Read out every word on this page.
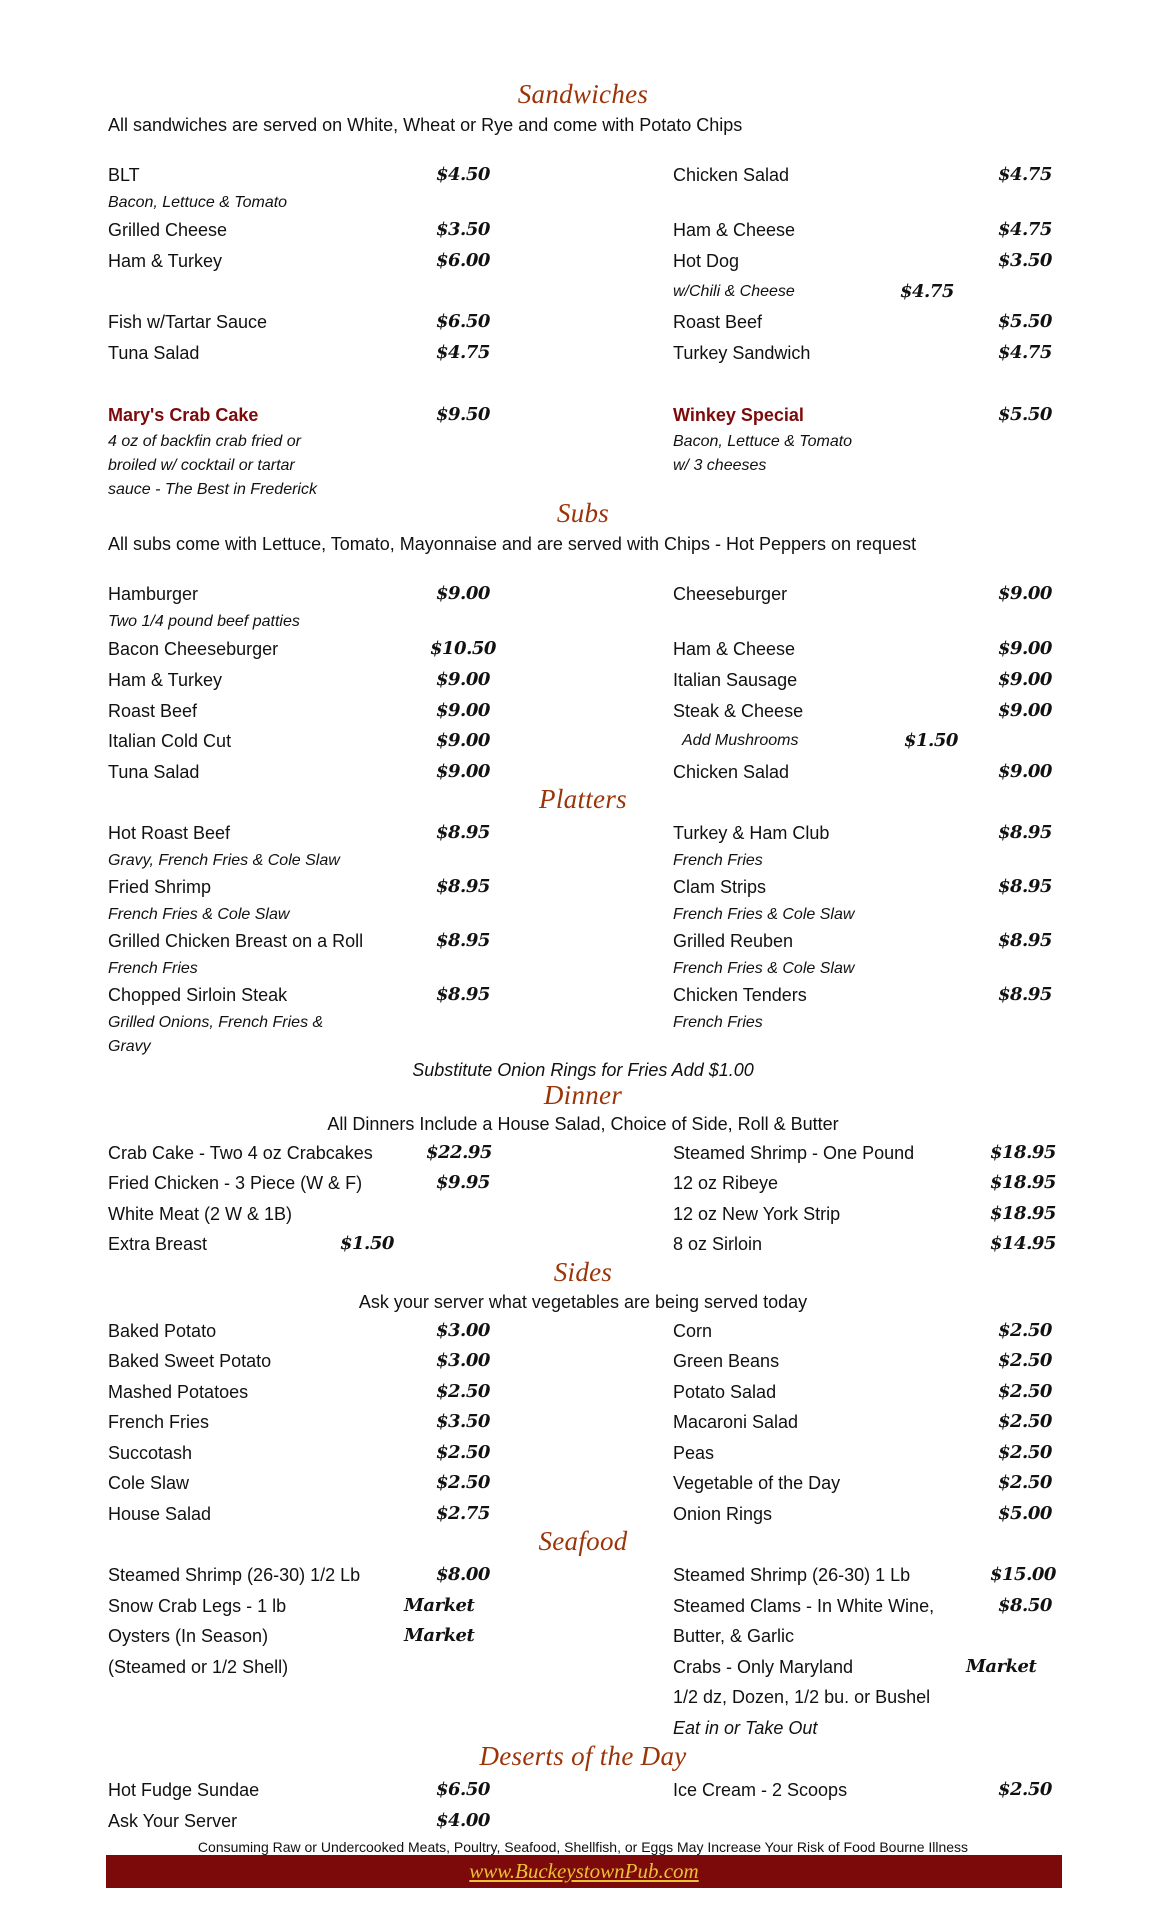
Sandwiches
All sandwiches are served on White, Wheat or Rye and come with Potato Chips
BLT	$4.50
Bacon, Lettuce & Tomato
Grilled Cheese	$3.50
Ham & Turkey	$6.00
Fish w/Tartar Sauce	$6.50
Tuna Salad	$4.75
Mary's Crab Cake	$9.50
4 oz of backfin crab fried or
broiled w/ cocktail or tartar
sauce - The Best in Frederick
Chicken Salad	$4.75
Ham & Cheese	$4.75
Hot Dog	$3.50
w/Chili & Cheese	$4.75
Roast Beef	$5.50
Turkey Sandwich	$4.75
Winkey Special	$5.50
Bacon, Lettuce & Tomato
w/ 3 cheeses
Subs
All subs come with Lettuce, Tomato, Mayonnaise and are served with Chips - Hot Peppers on request
Hamburger	$9.00
Two 1/4 pound beef patties
Bacon Cheeseburger	$10.50
Ham & Turkey	$9.00
Roast Beef	$9.00
Italian Cold Cut	$9.00
Tuna Salad	$9.00
Cheeseburger	$9.00
Ham & Cheese	$9.00
Italian Sausage	$9.00
Steak & Cheese	$9.00
Add Mushrooms	$1.50
Chicken Salad	$9.00
Platters
Hot Roast Beef	$8.95
Gravy, French Fries & Cole Slaw
Fried Shrimp	$8.95
French Fries & Cole Slaw
Grilled Chicken Breast on a Roll	$8.95
French Fries
Chopped Sirloin Steak	$8.95
Grilled Onions, French Fries &
Gravy
Turkey & Ham Club	$8.95
French Fries
Clam Strips	$8.95
French Fries & Cole Slaw
Grilled Reuben	$8.95
French Fries & Cole Slaw
Chicken Tenders	$8.95
French Fries
Substitute Onion Rings for Fries Add $1.00
Dinner
All Dinners Include a House Salad, Choice of Side, Roll & Butter
Crab Cake - Two 4 oz Crabcakes	$22.95
Fried Chicken - 3 Piece (W & F)	$9.95
White Meat (2 W & 1B)
Extra Breast	$1.50
Steamed Shrimp - One Pound	$18.95
12 oz Ribeye	$18.95
12 oz New York Strip	$18.95
8 oz Sirloin	$14.95
Sides
Ask your server what vegetables are being served today
Baked Potato	$3.00
Baked Sweet Potato	$3.00
Mashed Potatoes	$2.50
French Fries	$3.50
Succotash	$2.50
Cole Slaw	$2.50
House Salad	$2.75
Corn	$2.50
Green Beans	$2.50
Potato Salad	$2.50
Macaroni Salad	$2.50
Peas	$2.50
Vegetable of the Day	$2.50
Onion Rings	$5.00
Seafood
Steamed Shrimp (26-30) 1/2 Lb	$8.00
Snow Crab Legs - 1 lb	Market
Oysters (In Season)	Market
(Steamed or 1/2 Shell)
Steamed Shrimp (26-30) 1 Lb	$15.00
Steamed Clams - In White Wine,	$8.50
Butter, & Garlic
Crabs - Only Maryland	Market
1/2 dz, Dozen, 1/2 bu. or Bushel
Eat in or Take Out
Deserts of the Day
Hot Fudge Sundae	$6.50
Ask Your Server	$4.00
Ice Cream - 2 Scoops	$2.50
Consuming Raw or Undercooked Meats, Poultry, Seafood, Shellfish, or Eggs May Increase Your Risk of Food Bourne Illness
www.BuckeystownPub.com
